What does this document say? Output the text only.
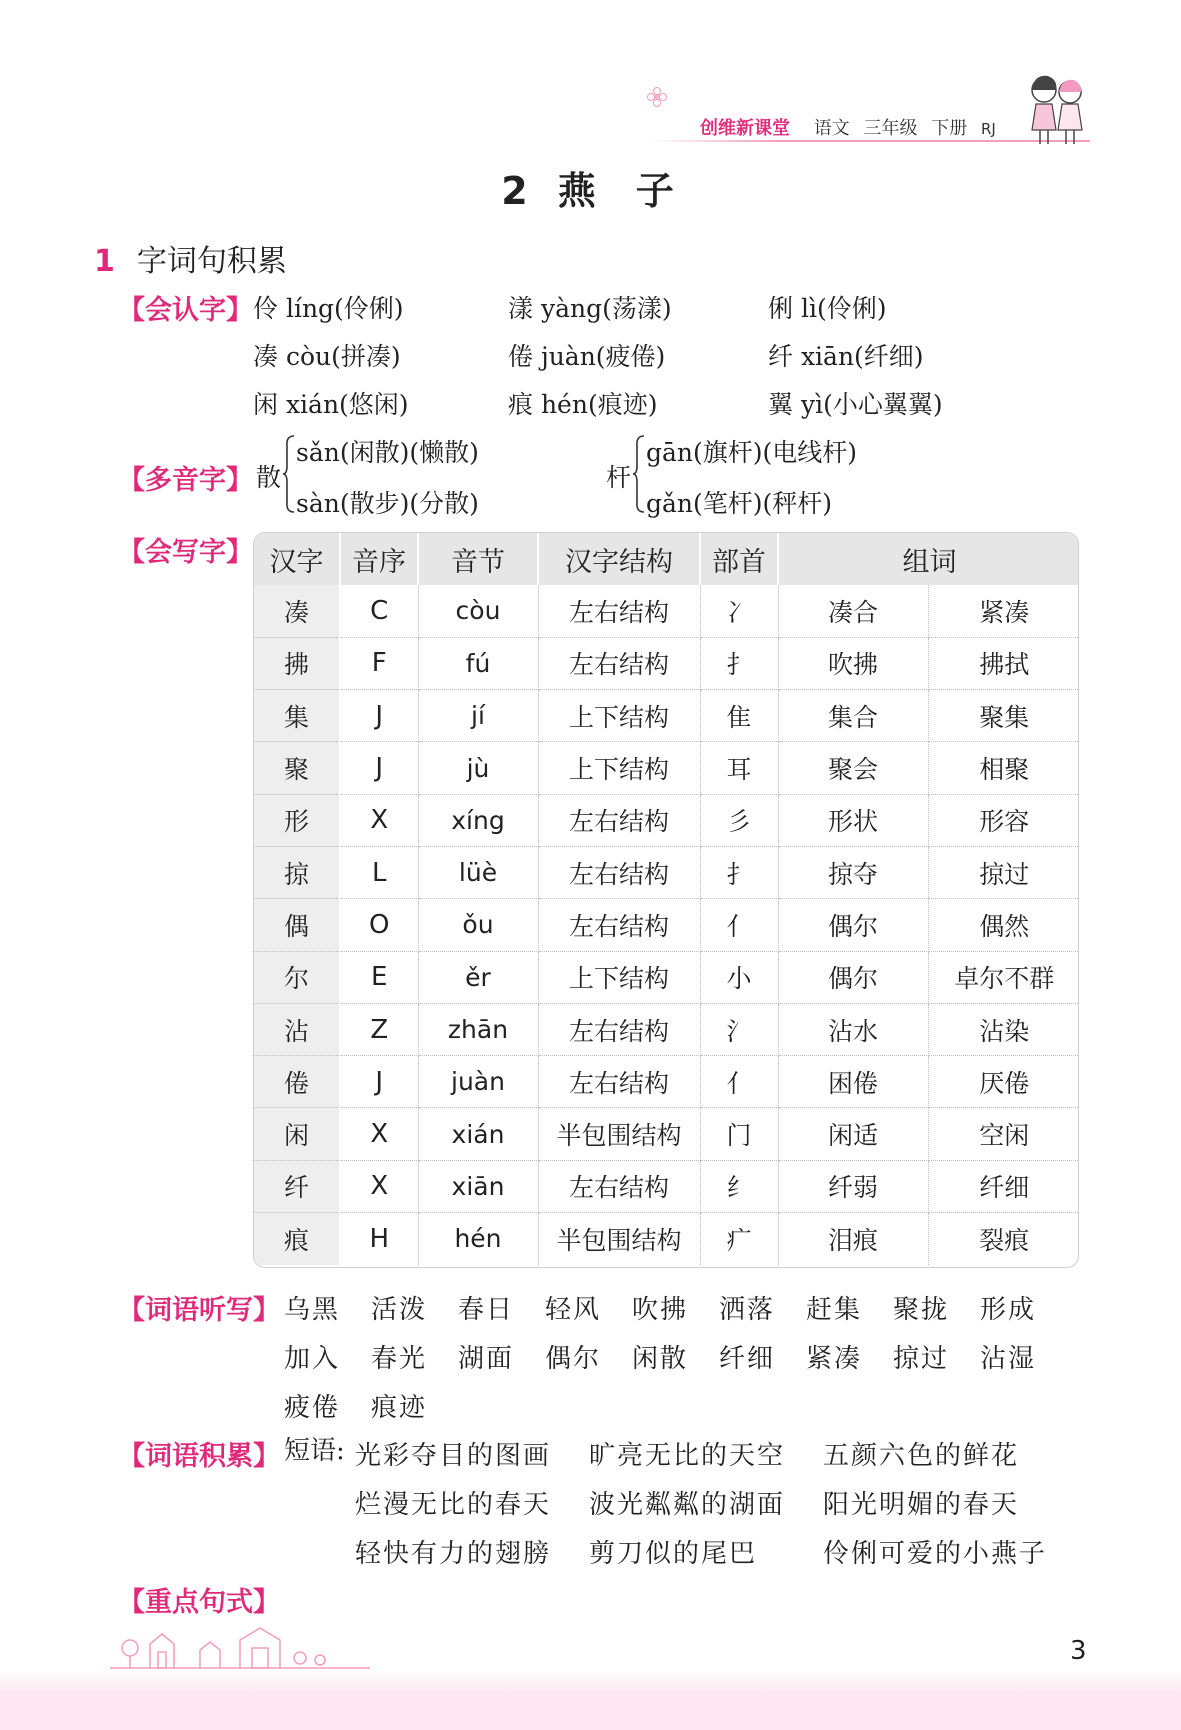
创维新课堂 语文 三年级 下册 RJ
2 燕 子
1 字词句积累
【会认字】 伶 líng(伶俐)	漾 yàng(荡漾)	俐 lì(伶俐)
凑 còu(拼凑)	倦 juàn(疲倦)	纤 xiān(纤细)
闲 xián(悠闲)	痕 hén(痕迹)	翼 yì(小心翼翼)
【多音字】 散
sǎn(闲散)(懒散)
sàn(散步)(分散)
杆
gān(旗杆)(电线杆)
gǎn(笔杆)(秤杆)
【会写字】 汉字	音序	音节	汉字结构	部首	组词	
凑	C	còu	左右结构	冫	凑合	紧凑
拂	F	fú	左右结构	扌	吹拂	拂拭
集	J	jí	上下结构	隹	集合	聚集
聚	J	jù	上下结构	耳	聚会	相聚
形	X	xíng	左右结构	彡	形状	形容
掠	L	lüè	左右结构	扌	掠夺	掠过
偶	O	ǒu	左右结构	亻	偶尔	偶然
尔	E	ěr	上下结构	小	偶尔	卓尔不群
沾	Z	zhān	左右结构	氵	沾水	沾染
倦	J	juàn	左右结构	亻	困倦	厌倦
闲	X	xián	半包围结构	门	闲适	空闲
纤	X	xiān	左右结构	纟	纤弱	纤细
痕	H	hén	半包围结构	疒	泪痕	裂痕
【词语听写】 乌黑 活泼 春日 轻风 吹拂 洒落 赶集 聚拢 形成
加入 春光 湖面 偶尔 闲散 纤细 紧凑 掠过 沾湿
疲倦 痕迹
【词语积累】 短语: 光彩夺目的图画 旷亮无比的天空 五颜六色的鲜花
烂漫无比的春天 波光粼粼的湖面 阳光明媚的春天
轻快有力的翅膀 剪刀似的尾巴	伶俐可爱的小燕子
【重点句式】
3
